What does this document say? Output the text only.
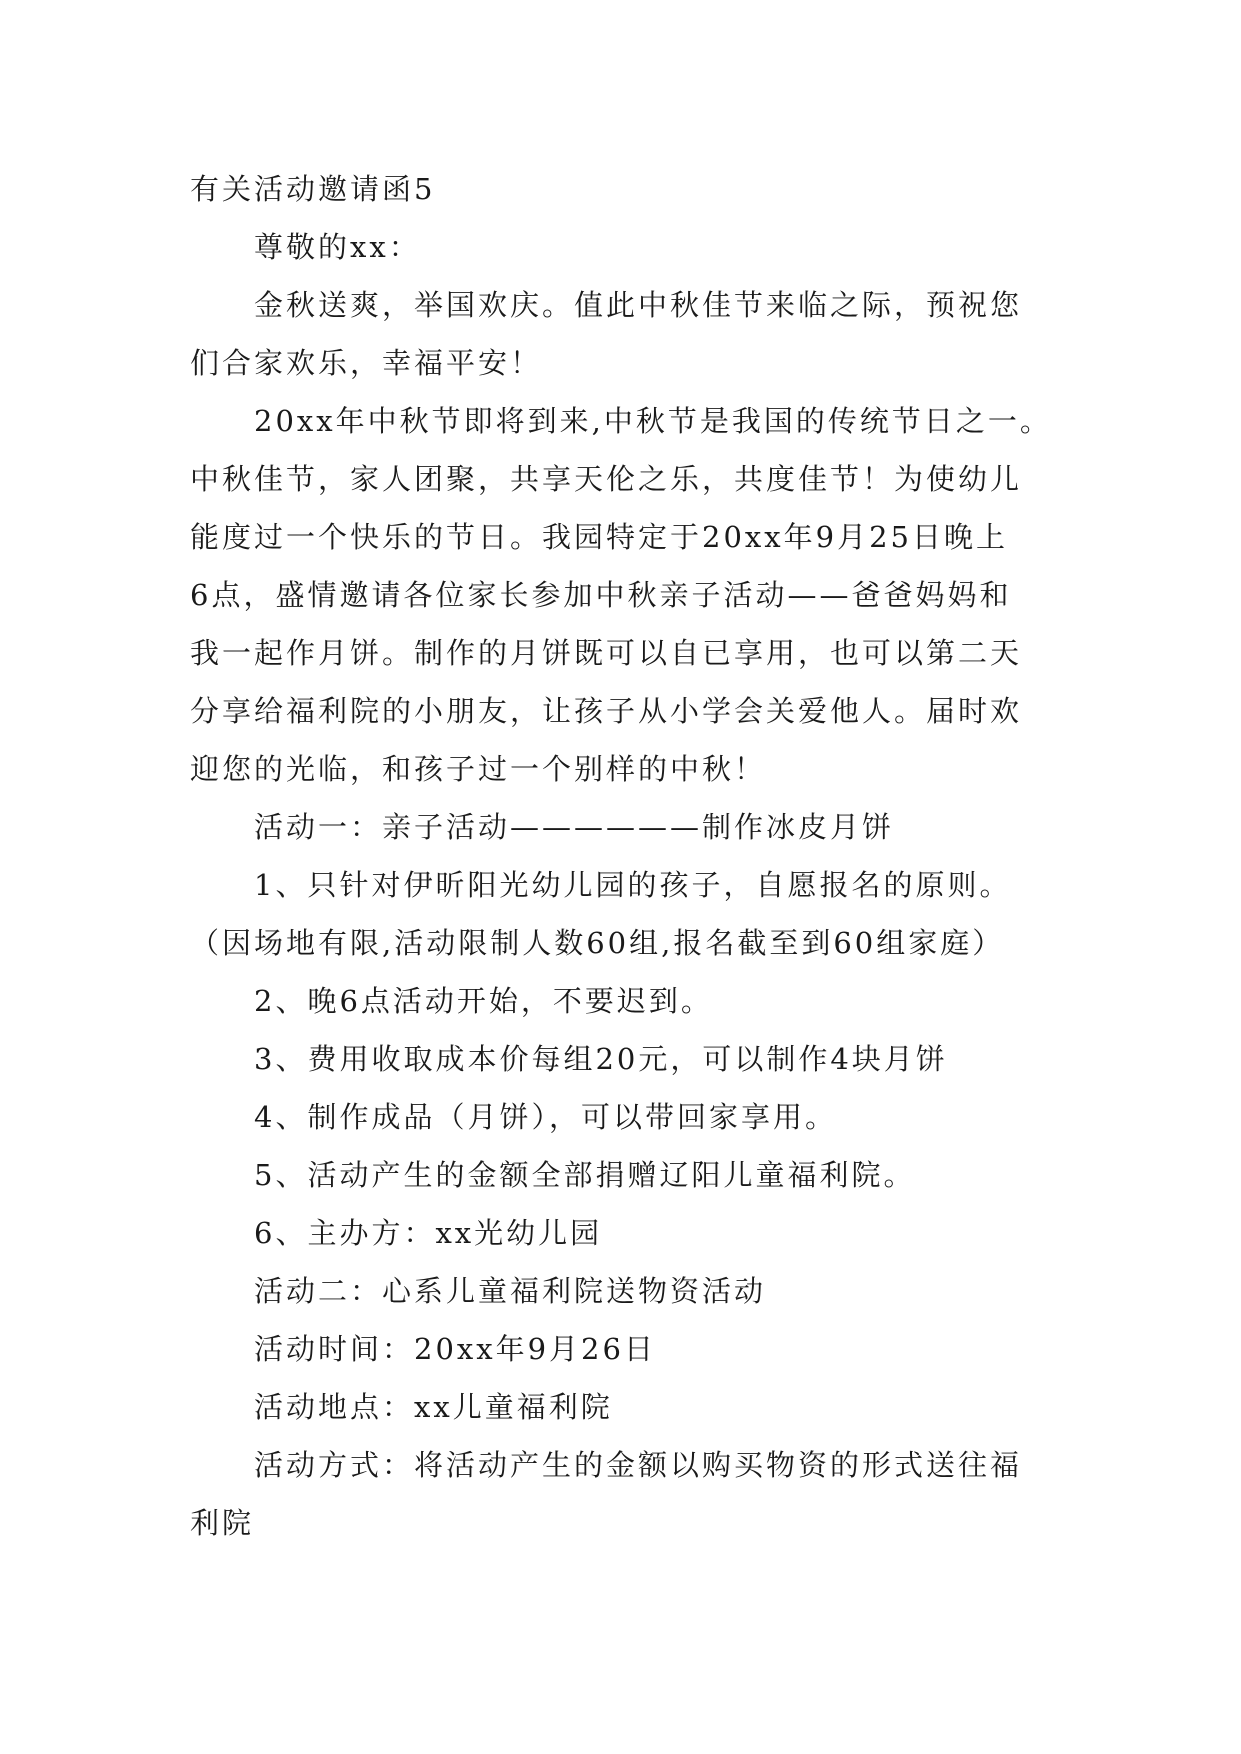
有关活动邀请函5
尊敬的xx：
金秋送爽，举国欢庆。值此中秋佳节来临之际，预祝您
们合家欢乐，幸福平安！
20xx年中秋节即将到来,中秋节是我国的传统节日之一。
中秋佳节，家人团聚，共享天伦之乐，共度佳节！为使幼儿
能度过一个快乐的节日。我园特定于20xx年9月25日晚上
6点，盛情邀请各位家长参加中秋亲子活动——爸爸妈妈和
我一起作月饼。制作的月饼既可以自已享用，也可以第二天
分享给福利院的小朋友，让孩子从小学会关爱他人。届时欢
迎您的光临，和孩子过一个别样的中秋！
活动一：亲子活动——————制作冰皮月饼
1、只针对伊昕阳光幼儿园的孩子，自愿报名的原则。
（因场地有限,活动限制人数60组,报名截至到60组家庭）
2、晚6点活动开始，不要迟到。
3、费用收取成本价每组20元，可以制作4块月饼
4、制作成品（月饼），可以带回家享用。
5、活动产生的金额全部捐赠辽阳儿童福利院。
6、主办方：xx光幼儿园
活动二：心系儿童福利院送物资活动
活动时间：20xx年9月26日
活动地点：xx儿童福利院
活动方式：将活动产生的金额以购买物资的形式送往福
利院
